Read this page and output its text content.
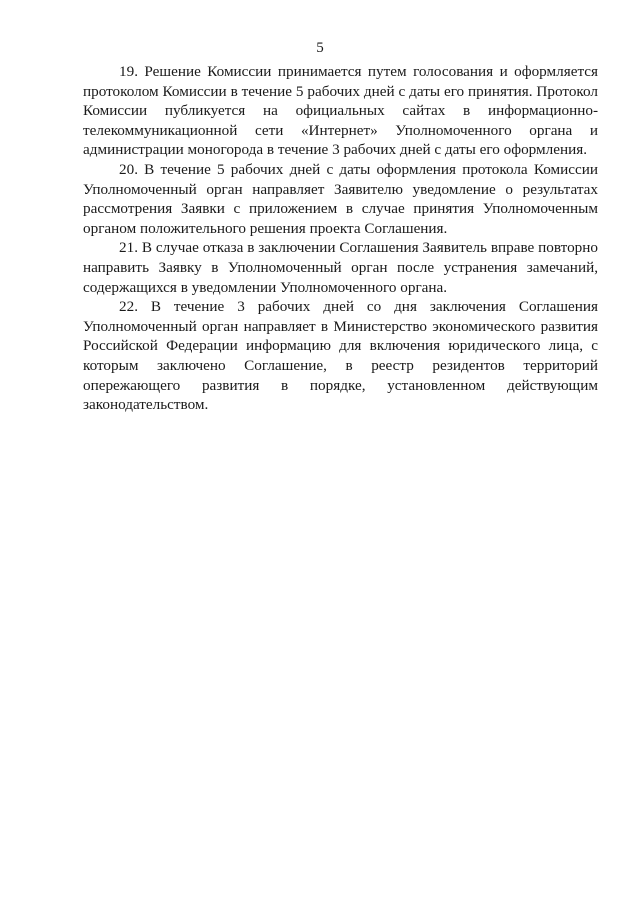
5

19. Решение Комиссии принимается путем голосования и оформляется протоколом Комиссии в течение 5 рабочих дней с даты его принятия. Протокол Комиссии публикуется на официальных сайтах в информационно-телекоммуникационной сети «Интернет» Уполномоченного органа и администрации моногорода в течение 3 рабочих дней с даты его оформления.

20. В течение 5 рабочих дней с даты оформления протокола Комиссии Уполномоченный орган направляет Заявителю уведомление о результатах рассмотрения Заявки с приложением в случае принятия Уполномоченным органом положительного решения проекта Соглашения.

21. В случае отказа в заключении Соглашения Заявитель вправе повторно направить Заявку в Уполномоченный орган после устранения замечаний, содержащихся в уведомлении Уполномоченного органа.

22. В течение 3 рабочих дней со дня заключения Соглашения Уполномоченный орган направляет в Министерство экономического развития Российской Федерации информацию для включения юридического лица, с которым заключено Соглашение, в реестр резидентов территорий опережающего развития в порядке, установленном действующим законодательством.
